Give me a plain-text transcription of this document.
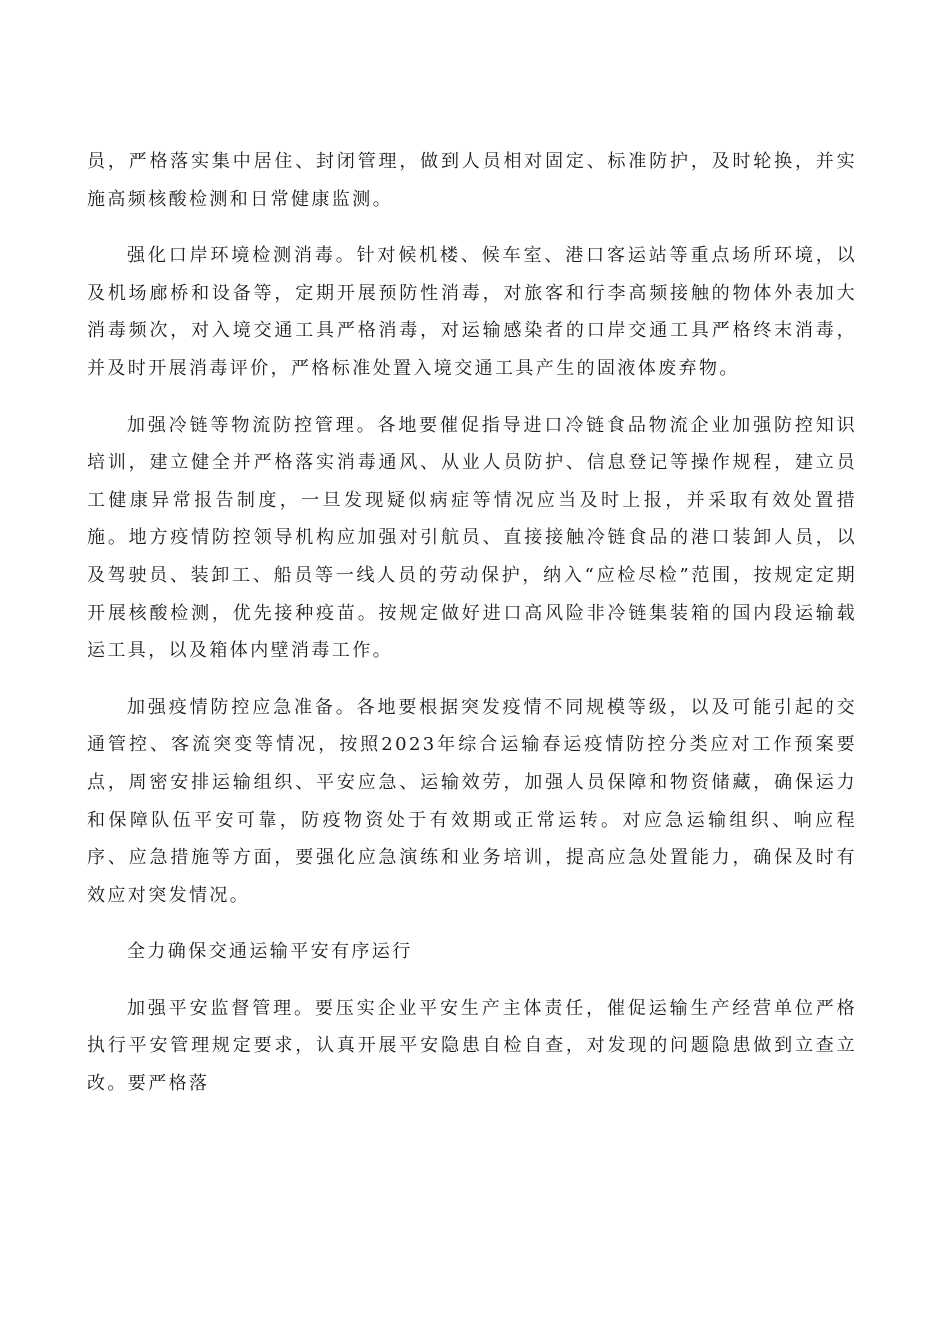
员，严格落实集中居住、封闭管理，做到人员相对固定、标准防护，及时轮换，并实施高频核酸检测和日常健康监测。

强化口岸环境检测消毒。针对候机楼、候车室、港口客运站等重点场所环境，以及机场廊桥和设备等，定期开展预防性消毒，对旅客和行李高频接触的物体外表加大消毒频次，对入境交通工具严格消毒，对运输感染者的口岸交通工具严格终末消毒，并及时开展消毒评价，严格标准处置入境交通工具产生的固液体废弃物。

加强冷链等物流防控管理。各地要催促指导进口冷链食品物流企业加强防控知识培训，建立健全并严格落实消毒通风、从业人员防护、信息登记等操作规程，建立员工健康异常报告制度，一旦发现疑似病症等情况应当及时上报，并采取有效处置措施。地方疫情防控领导机构应加强对引航员、直接接触冷链食品的港口装卸人员，以及驾驶员、装卸工、船员等一线人员的劳动保护，纳入“应检尽检”范围，按规定定期开展核酸检测，优先接种疫苗。按规定做好进口高风险非冷链集装箱的国内段运输载运工具，以及箱体内壁消毒工作。

加强疫情防控应急准备。各地要根据突发疫情不同规模等级，以及可能引起的交通管控、客流突变等情况，按照2023年综合运输春运疫情防控分类应对工作预案要点，周密安排运输组织、平安应急、运输效劳，加强人员保障和物资储藏，确保运力和保障队伍平安可靠，防疫物资处于有效期或正常运转。对应急运输组织、响应程序、应急措施等方面，要强化应急演练和业务培训，提高应急处置能力，确保及时有效应对突发情况。

全力确保交通运输平安有序运行

加强平安监督管理。要压实企业平安生产主体责任，催促运输生产经营单位严格执行平安管理规定要求，认真开展平安隐患自检自查，对发现的问题隐患做到立查立改。要严格落
